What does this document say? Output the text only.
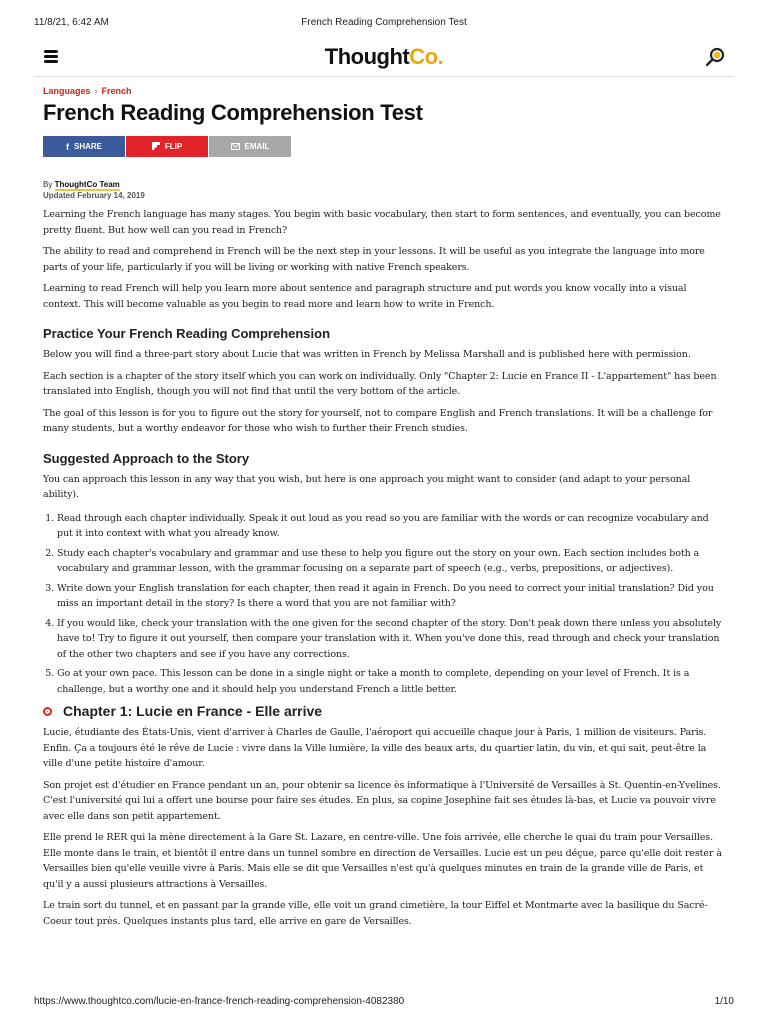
11/8/21, 6:42 AM	French Reading Comprehension Test
ThoughtCo.
Languages › French
French Reading Comprehension Test
f SHARE	FLIP	EMAIL
By ThoughtCo Team
Updated February 14, 2019

Learning the French language has many stages. You begin with basic vocabulary, then start to form sentences, and eventually, you can become pretty fluent. But how well can you read in French?

The ability to read and comprehend in French will be the next step in your lessons. It will be useful as you integrate the language into more parts of your life, particularly if you will be living or working with native French speakers.

Learning to read French will help you learn more about sentence and paragraph structure and put words you know vocally into a visual context. This will become valuable as you begin to read more and learn how to write in French.

Practice Your French Reading Comprehension

Below you will find a three-part story about Lucie that was written in French by Melissa Marshall and is published here with permission.

Each section is a chapter of the story itself which you can work on individually. Only "Chapter 2: Lucie en France II - L'appartement" has been translated into English, though you will not find that until the very bottom of the article.

The goal of this lesson is for you to figure out the story for yourself, not to compare English and French translations. It will be a challenge for many students, but a worthy endeavor for those who wish to further their French studies.

Suggested Approach to the Story

You can approach this lesson in any way that you wish, but here is one approach you might want to consider (and adapt to your personal ability).

1. Read through each chapter individually. Speak it out loud as you read so you are familiar with the words or can recognize vocabulary and put it into context with what you already know.
2. Study each chapter's vocabulary and grammar and use these to help you figure out the story on your own. Each section includes both a vocabulary and grammar lesson, with the grammar focusing on a separate part of speech (e.g., verbs, prepositions, or adjectives).
3. Write down your English translation for each chapter, then read it again in French. Do you need to correct your initial translation? Did you miss an important detail in the story? Is there a word that you are not familiar with?
4. If you would like, check your translation with the one given for the second chapter of the story. Don't peak down there unless you absolutely have to! Try to figure it out yourself, then compare your translation with it. When you've done this, read through and check your translation of the other two chapters and see if you have any corrections.
5. Go at your own pace. This lesson can be done in a single night or take a month to complete, depending on your level of French. It is a challenge, but a worthy one and it should help you understand French a little better.
Chapter 1: Lucie en France - Elle arrive

Lucie, étudiante des États-Unis, vient d'arriver à Charles de Gaulle, l'aéroport qui accueille chaque jour à Paris, 1 million de visiteurs. Paris. Enfin. Ça a toujours été le rêve de Lucie : vivre dans la Ville lumière, la ville des beaux arts, du quartier latin, du vin, et qui sait, peut-être la ville d'une petite histoire d'amour.

Son projet est d'étudier en France pendant un an, pour obtenir sa licence ès informatique à l'Université de Versailles à St. Quentin-en-Yvelines. C'est l'université qui lui a offert une bourse pour faire ses études. En plus, sa copine Josephine fait ses études là-bas, et Lucie va pouvoir vivre avec elle dans son petit appartement.

Elle prend le RER qui la mène directement à la Gare St. Lazare, en centre-ville. Une fois arrivée, elle cherche le quai du train pour Versailles. Elle monte dans le train, et bientôt il entre dans un tunnel sombre en direction de Versailles. Lucie est un peu déçue, parce qu'elle doit rester à Versailles bien qu'elle veuille vivre à Paris. Mais elle se dit que Versailles n'est qu'à quelques minutes en train de la grande ville de Paris, et qu'il y a aussi plusieurs attractions à Versailles.

Le train sort du tunnel, et en passant par la grande ville, elle voit un grand cimetière, la tour Eiffel et Montmarte avec la basilique du Sacré-Coeur tout près. Quelques instants plus tard, elle arrive en gare de Versailles.

https://www.thoughtco.com/lucie-en-france-french-reading-comprehension-4082380	1/10
